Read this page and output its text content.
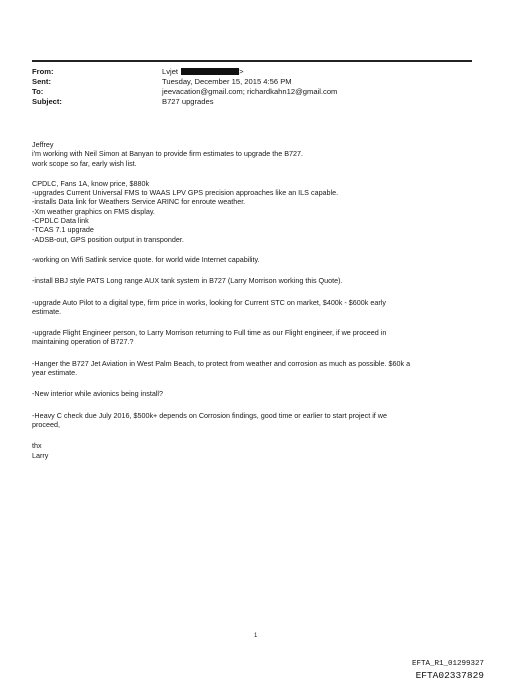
From:	Lvjet	>
Sent:	Tuesday, December 15, 2015 4:56 PM
To:	jeevacation@gmail.com; richardkahn12@gmail.com
Subject:	B727 upgrades

Jeffrey

i'm working with Neil Simon at Banyan to provide firm estimates to upgrade the B727.

work scope so far, early wish list.

CPDLC, Fans 1A, know price, $880k

-upgrades Current Universal FMS to WAAS LPV GPS precision approaches like an ILS capable.

-installs Data link for Weathers Service ARINC for enroute weather.

-Xm weather graphics on FMS display.

-CPDLC Data link

-TCAS 7.1 upgrade

-ADSB-out, GPS position output in transponder.

-working on Wifi Satlink service quote. for world wide Internet capability.

-install BBJ style PATS Long range AUX tank system in B727 (Larry Morrison working this Quote).

-upgrade Auto Pilot to a digital type, firm price in works, looking for Current STC on market, $400k - $600k early

estimate.

-upgrade Flight Engineer person, to Larry Morrison returning to Full time as our Flight engineer, if we proceed in

maintaining operation of B727.?

-Hanger the B727 Jet Aviation in West Palm Beach, to protect from weather and corrosion as much as possible. $60k a

year estimate.

-New interior while avionics being install?

-Heavy C check due July 2016, $500k+ depends on Corrosion findings, good time or earlier to start project if we

proceed,

thx

Larry

1
EFTA_R1_01299327
EFTA02337829
